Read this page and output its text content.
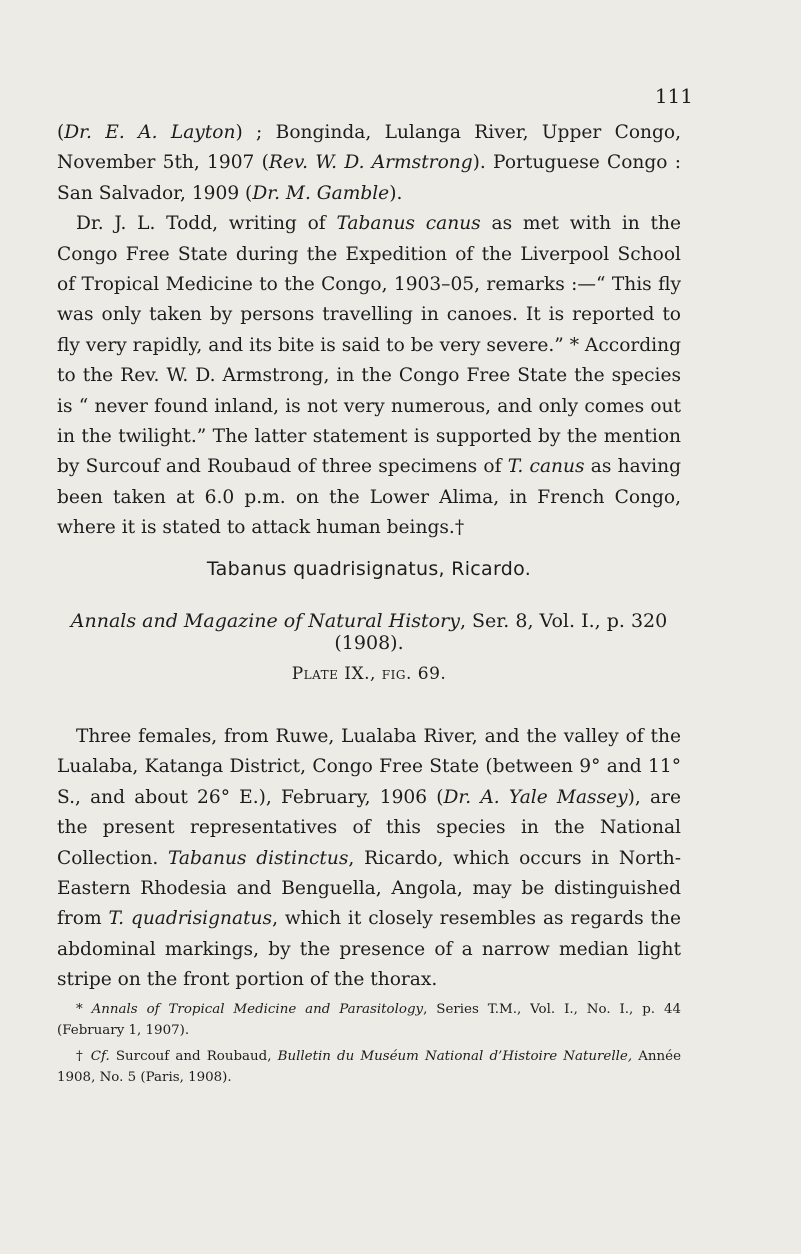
111

(Dr. E. A. Layton) ; Bonginda, Lulanga River, Upper Congo, November 5th, 1907 (Rev. W. D. Armstrong). Portuguese Congo : San Salvador, 1909 (Dr. M. Gamble).

Dr. J. L. Todd, writing of Tabanus canus as met with in the Congo Free State during the Expedition of the Liverpool School of Tropical Medicine to the Congo, 1903–05, remarks :—“ This fly was only taken by persons travelling in canoes. It is reported to fly very rapidly, and its bite is said to be very severe.” * According to the Rev. W. D. Armstrong, in the Congo Free State the species is “ never found inland, is not very numerous, and only comes out in the twilight.” The latter statement is supported by the mention by Surcouf and Roubaud of three specimens of T. canus as having been taken at 6.0 p.m. on the Lower Alima, in French Congo, where it is stated to attack human beings.†

Tabanus quadrisignatus, Ricardo.
Annals and Magazine of Natural History, Ser. 8, Vol. I., p. 320 (1908).
Plate IX., fig. 69.

Three females, from Ruwe, Lualaba River, and the valley of the Lualaba, Katanga District, Congo Free State (between 9° and 11° S., and about 26° E.), February, 1906 (Dr. A. Yale Massey), are the present representatives of this species in the National Collection. Tabanus distinctus, Ricardo, which occurs in North-Eastern Rhodesia and Benguella, Angola, may be distinguished from T. quadrisignatus, which it closely resembles as regards the abdominal markings, by the presence of a narrow median light stripe on the front portion of the thorax.

* Annals of Tropical Medicine and Parasitology, Series T.M., Vol. I., No. I., p. 44 (February 1, 1907).

† Cf. Surcouf and Roubaud, Bulletin du Muséum National d’Histoire Naturelle, Année 1908, No. 5 (Paris, 1908).
